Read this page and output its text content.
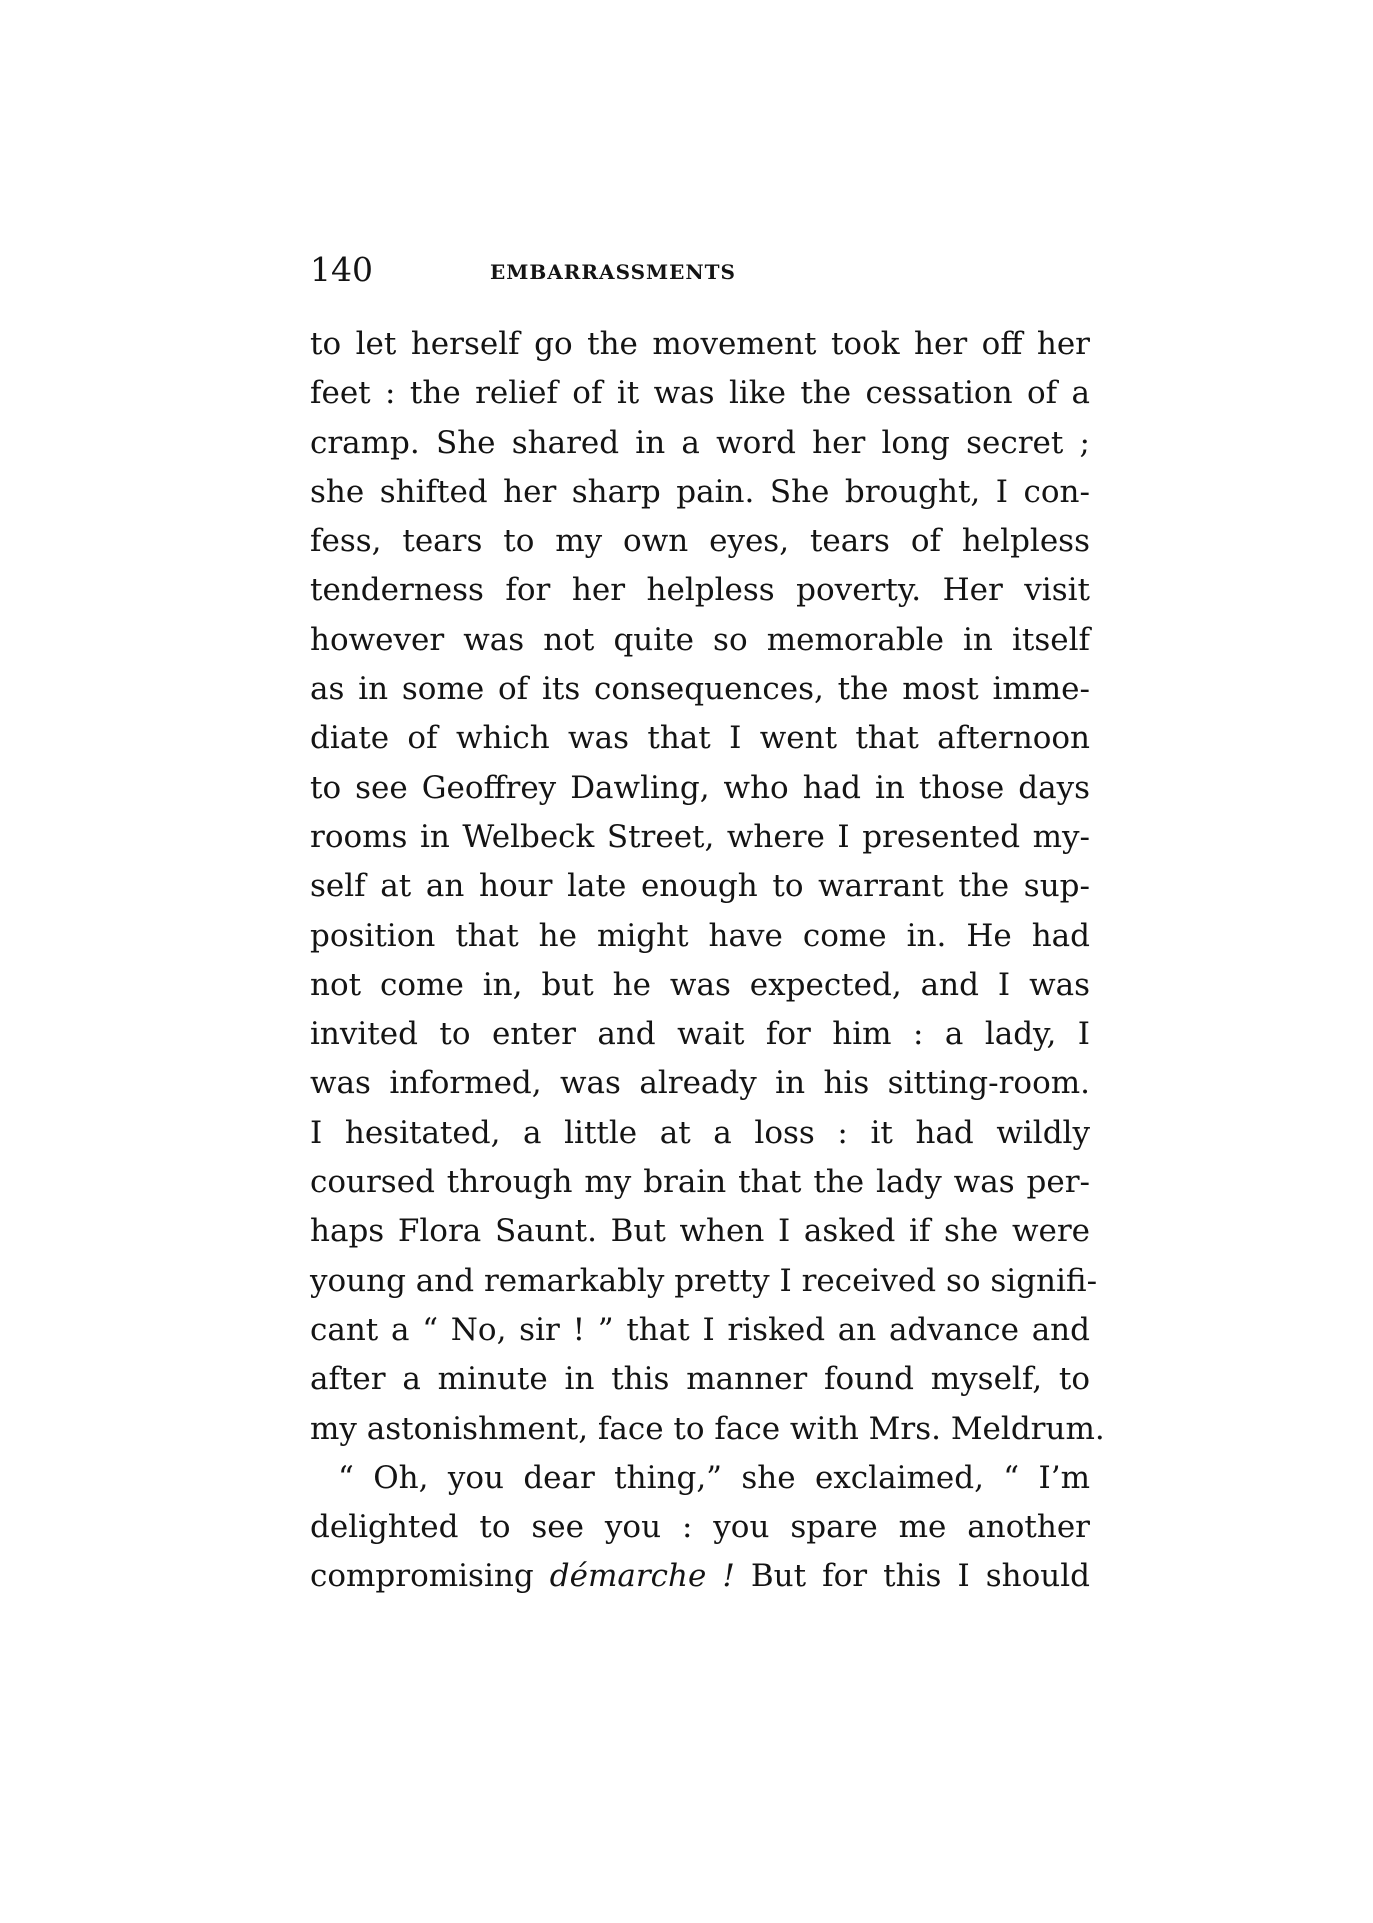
140	EMBARRASSMENTS
to let herself go the movement took her off her
feet : the relief of it was like the cessation of a
cramp. She shared in a word her long secret ;
she shifted her sharp pain. She brought, I con-
fess, tears to my own eyes, tears of helpless
tenderness for her helpless poverty. Her visit
however was not quite so memorable in itself
as in some of its consequences, the most imme-
diate of which was that I went that afternoon
to see Geoffrey Dawling, who had in those days
rooms in Welbeck Street, where I presented my-
self at an hour late enough to warrant the sup-
position that he might have come in. He had
not come in, but he was expected, and I was
invited to enter and wait for him : a lady, I
was informed, was already in his sitting-room.
I hesitated, a little at a loss : it had wildly
coursed through my brain that the lady was per-
haps Flora Saunt. But when I asked if she were
young and remarkably pretty I received so signifi-
cant a “ No, sir ! ” that I risked an advance and
after a minute in this manner found myself, to
my astonishment, face to face with Mrs. Meldrum.
“ Oh, you dear thing,” she exclaimed, “ I’m
delighted to see you : you spare me another
compromising démarche ! But for this I should
